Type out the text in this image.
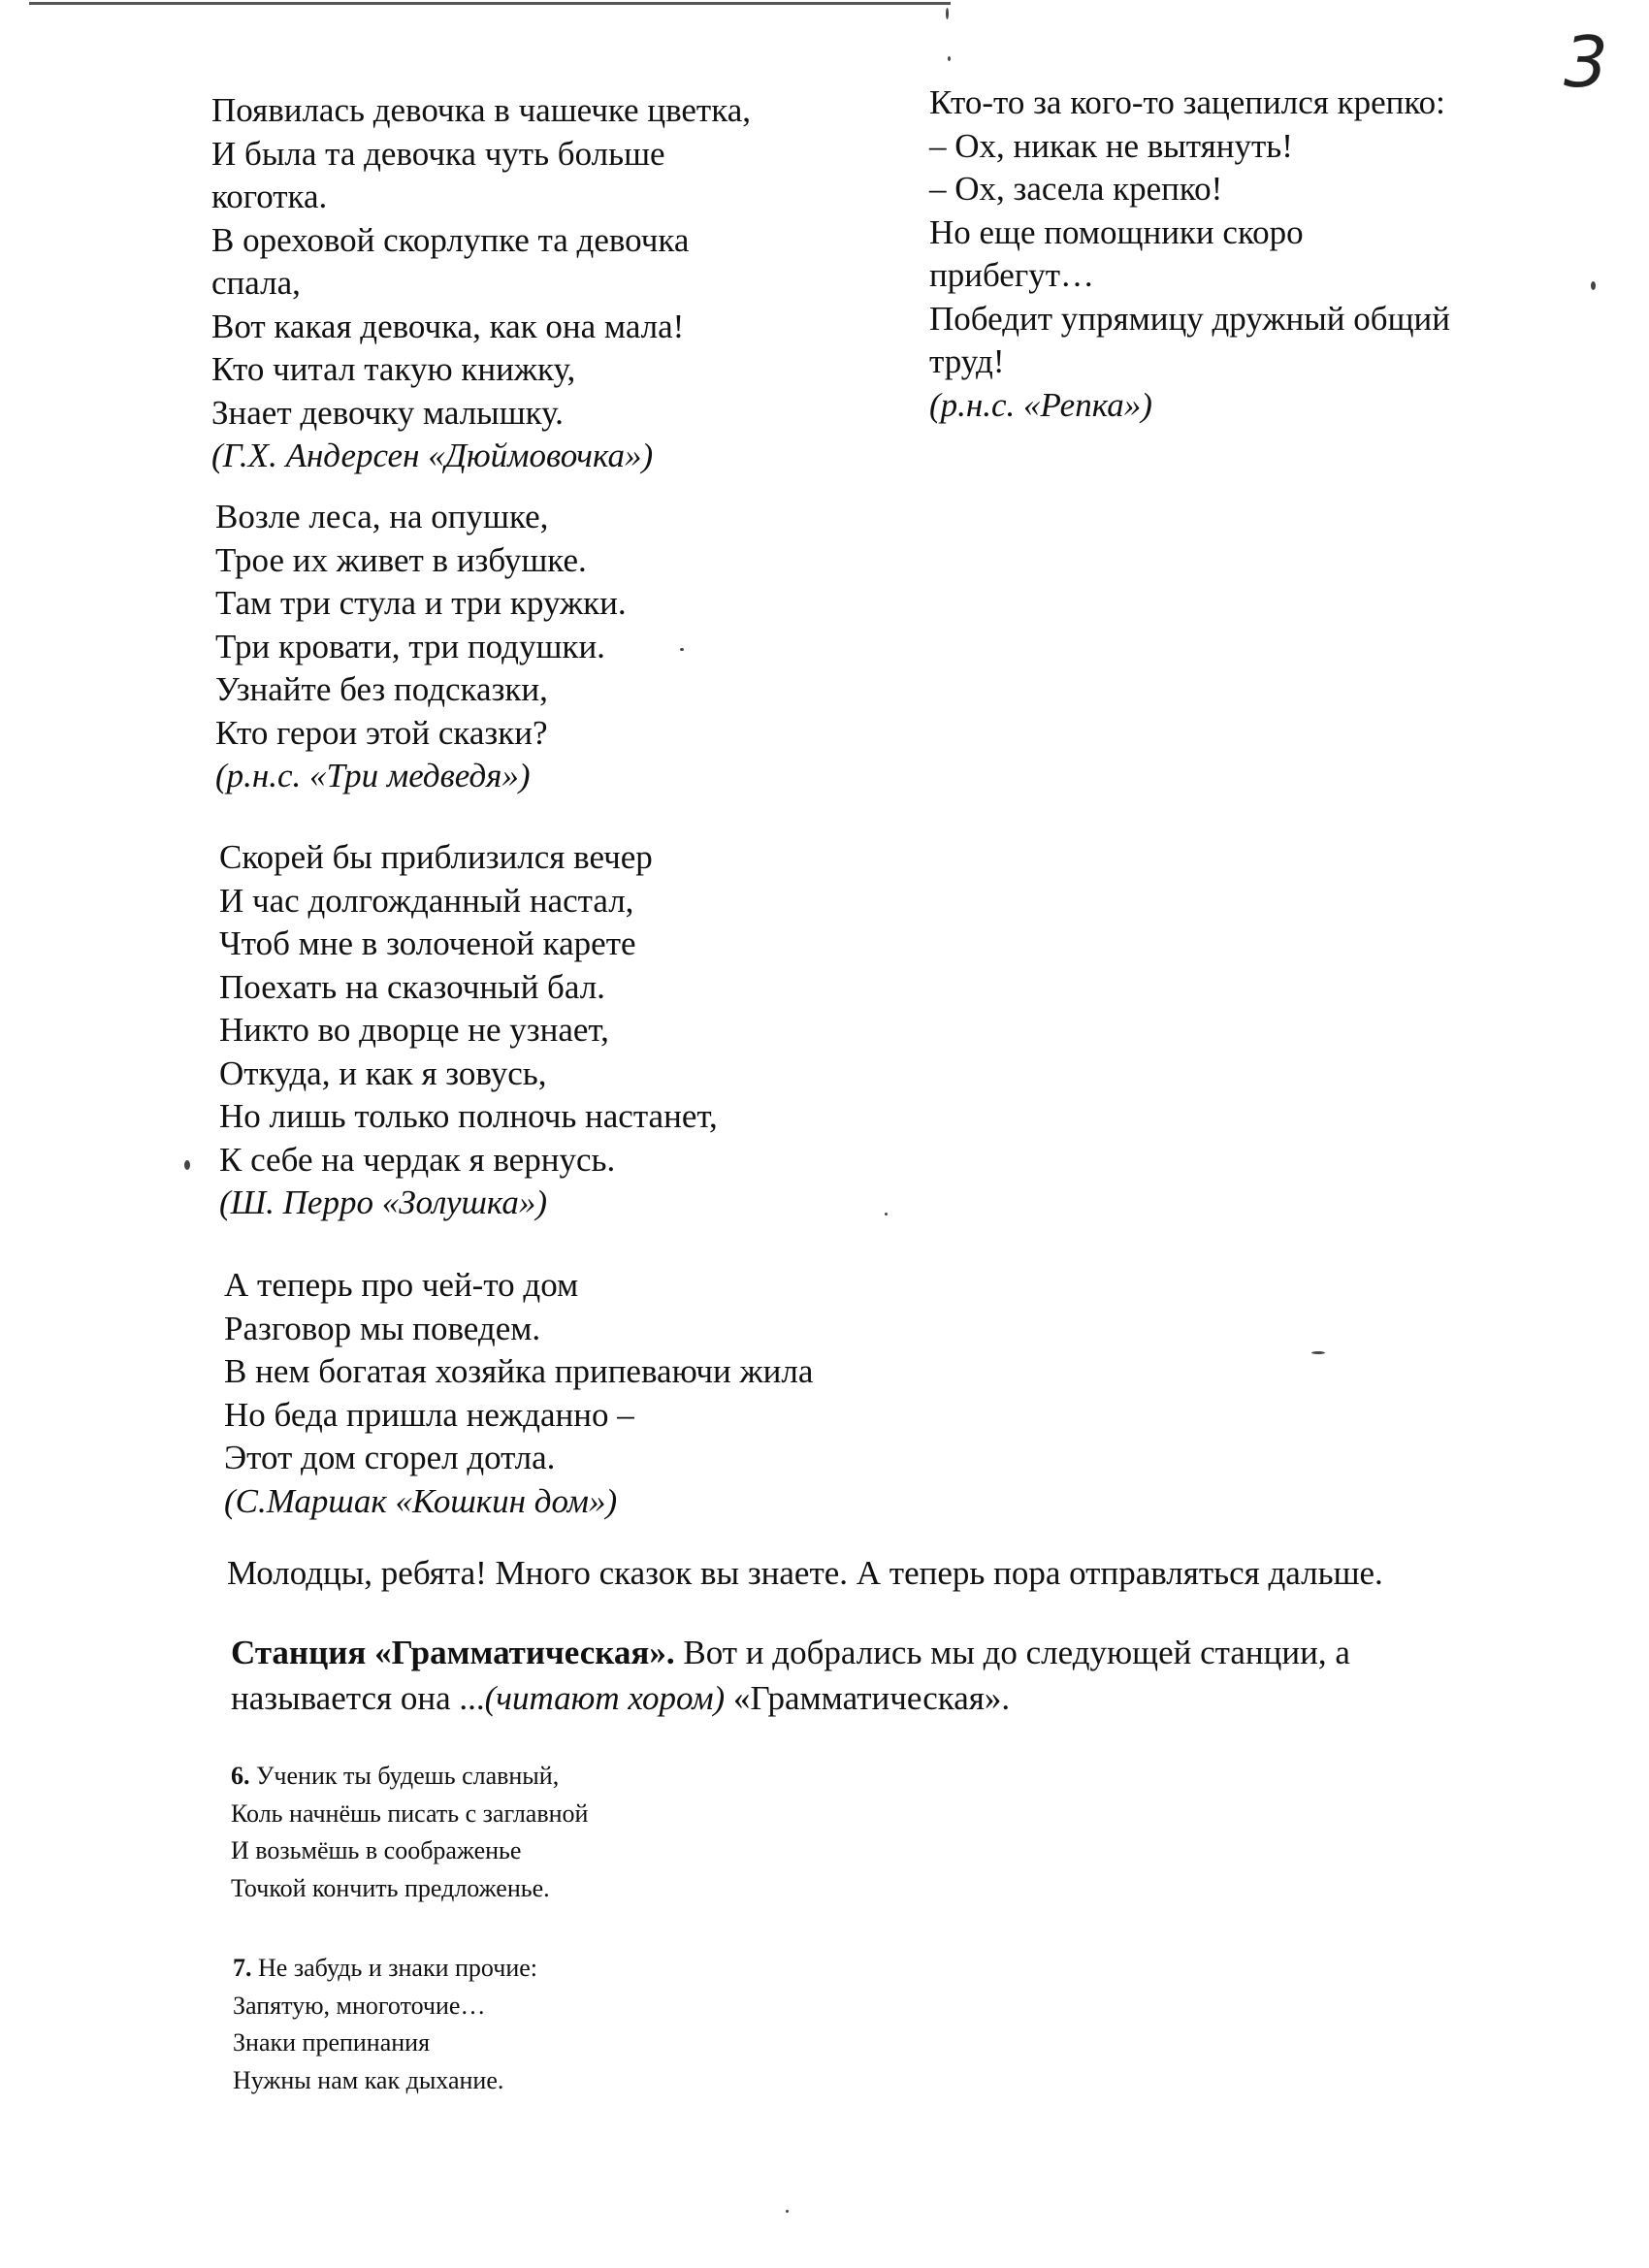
3
Появилась девочка в чашечке цветка,
И была та девочка чуть больше
коготка.
В ореховой скорлупке та девочка
спала,
Вот какая девочка, как она мала!
Кто читал такую книжку,
Знает девочку малышку.
(Г.Х. Андерсен «Дюймовочка»)
Возле леса, на опушке,
Трое их живет в избушке.
Там три стула и три кружки.
Три кровати, три подушки.
Узнайте без подсказки,
Кто герои этой сказки?
(р.н.с. «Три медведя»)
Скорей бы приблизился вечер
И час долгожданный настал,
Чтоб мне в золоченой карете
Поехать на сказочный бал.
Никто во дворце не узнает,
Откуда, и как я зовусь,
Но лишь только полночь настанет,
К себе на чердак я вернусь.
(Ш. Перро «Золушка»)
А теперь про чей-то дом
Разговор мы поведем.
В нем богатая хозяйка припеваючи жила
Но беда пришла нежданно –
Этот дом сгорел дотла.
(С.Маршак «Кошкин дом»)
Кто-то за кого-то зацепился крепко:
– Ох, никак не вытянуть!
– Ох, засела крепко!
Но еще помощники скоро
прибегут…
Победит упрямицу дружный общий
труд!
(р.н.с. «Репка»)
Молодцы, ребята! Много сказок вы знаете. А теперь пора отправляться дальше.
Станция «Грамматическая». Вот и добрались мы до следующей станции, а
называется она ...(читают хором) «Грамматическая».
6. Ученик ты будешь славный,
Коль начнёшь писать с заглавной
И возьмёшь в соображенье
Точкой кончить предложенье.
7. Не забудь и знаки прочие:
Запятую, многоточие…
Знаки препинания
Нужны нам как дыхание.
